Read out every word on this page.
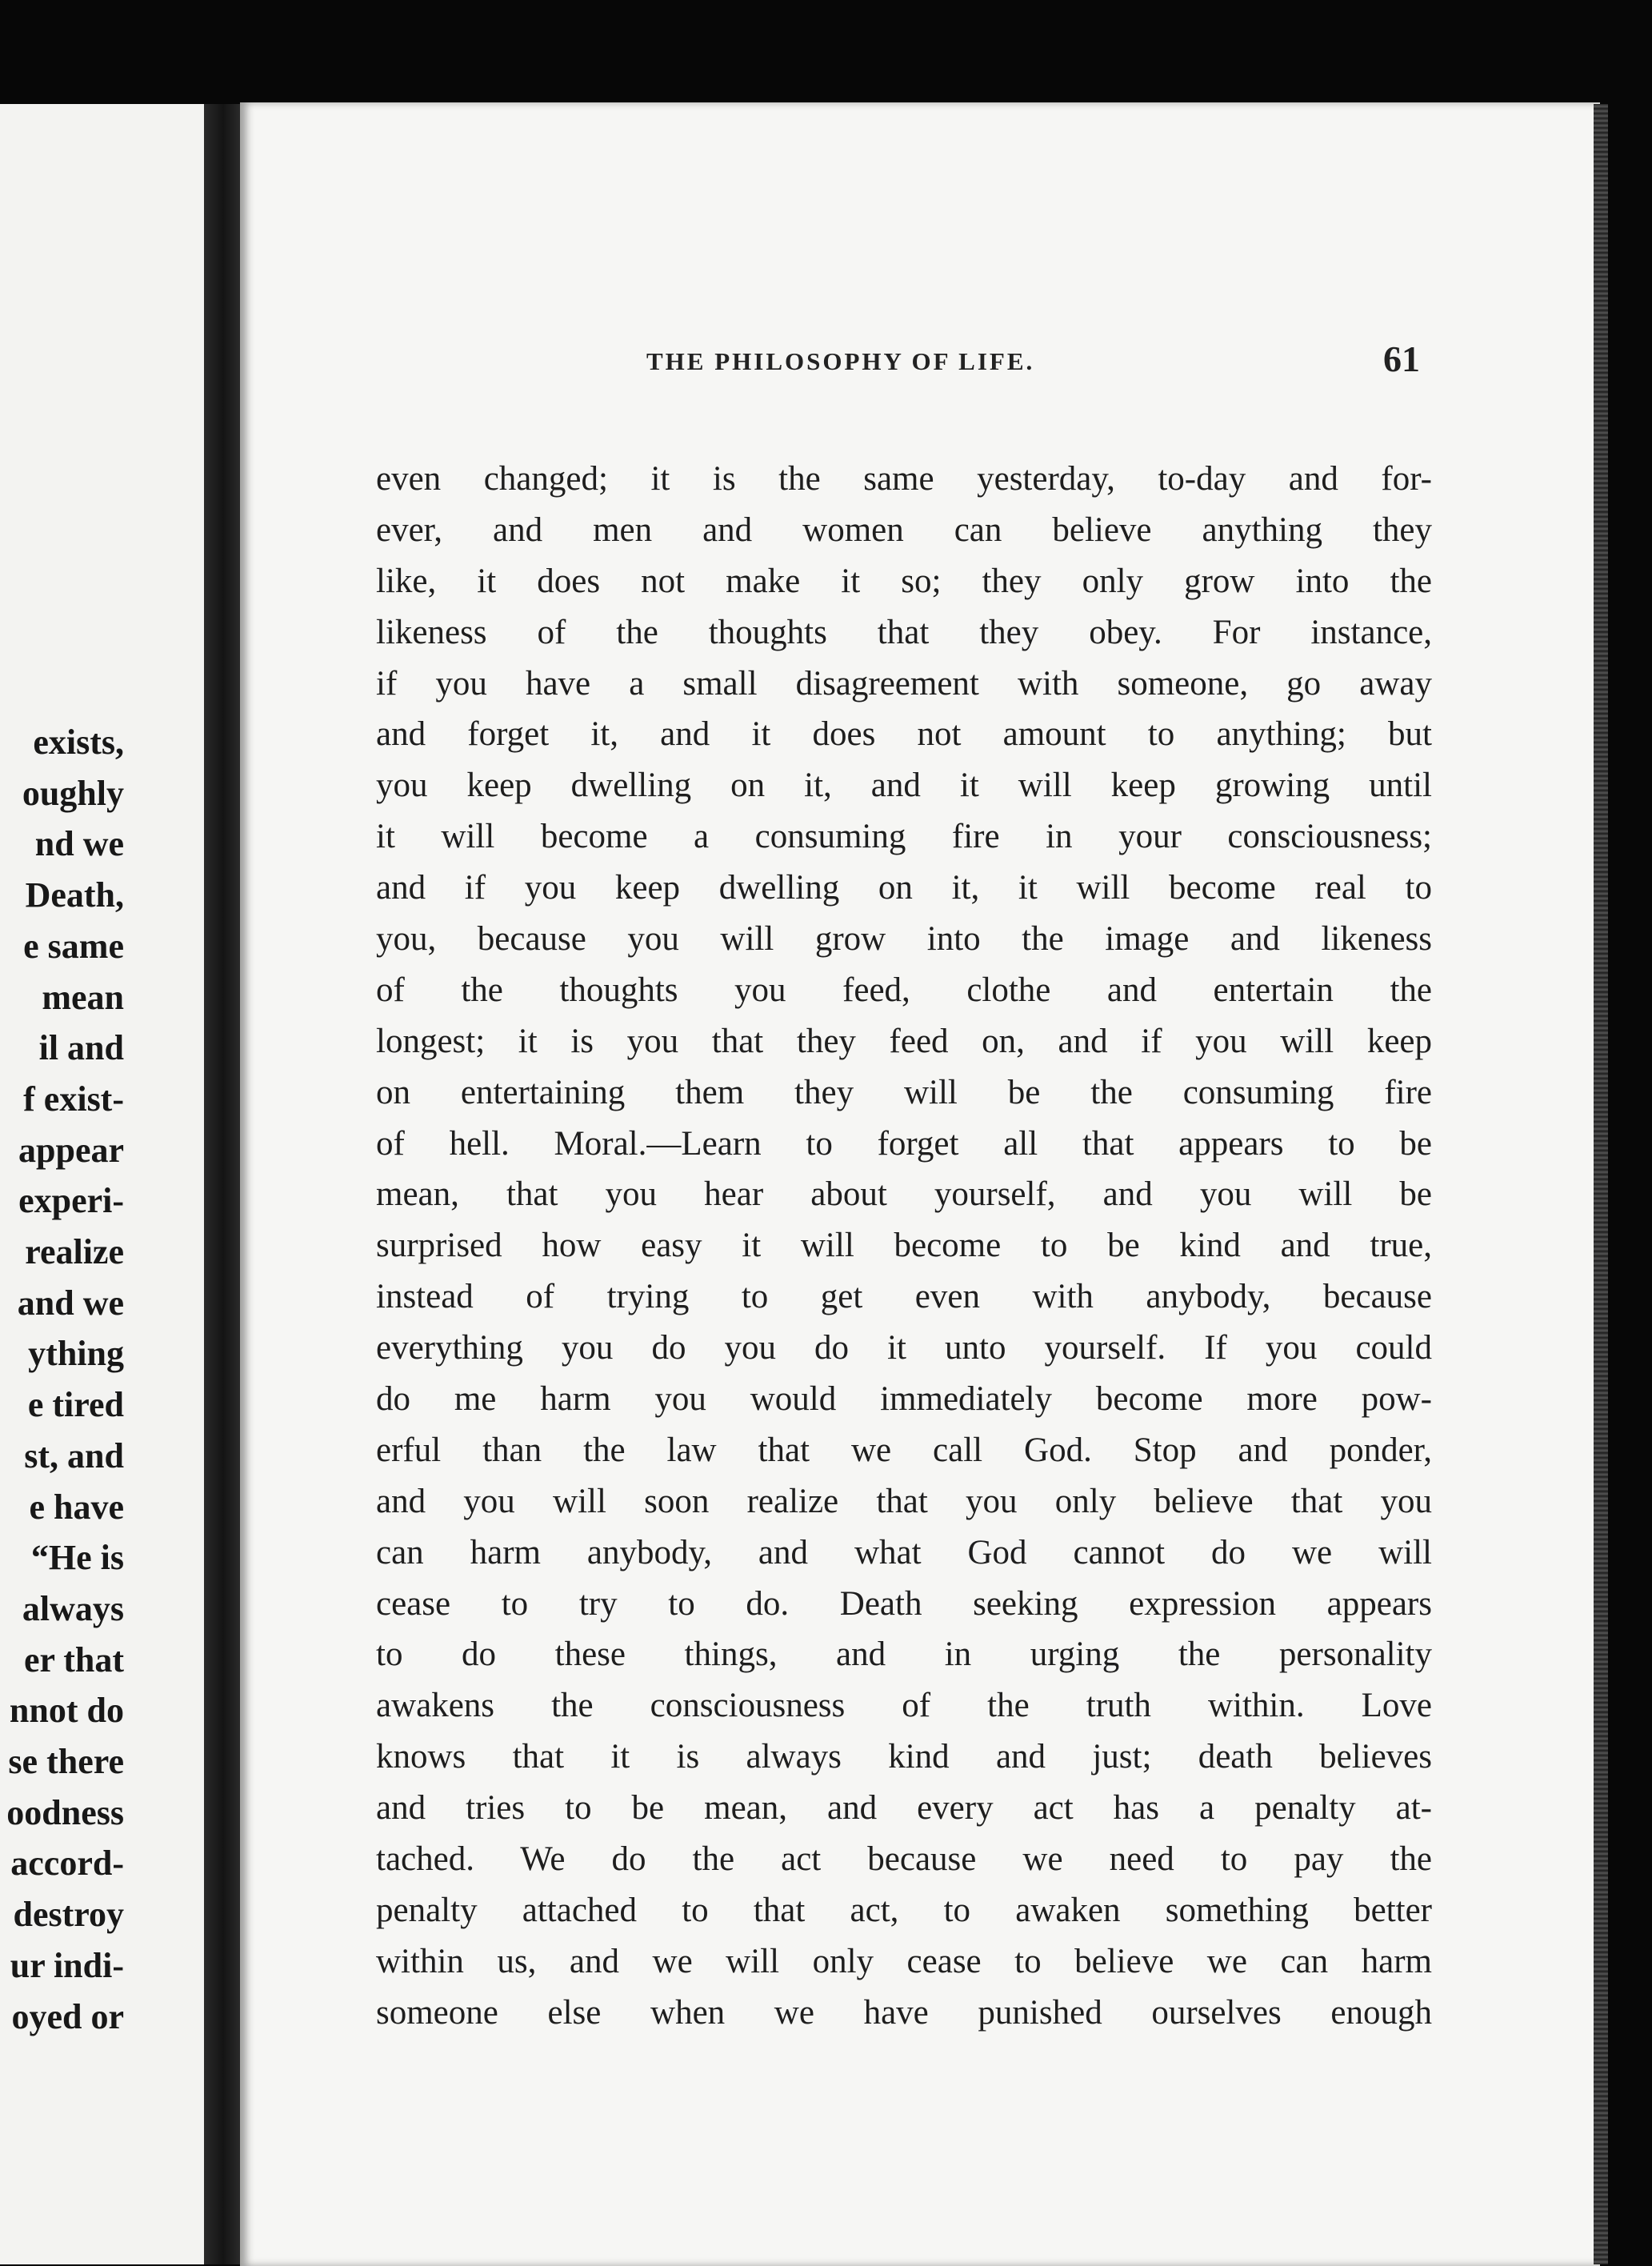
exists,
oughly
nd we
Death,
e same
mean
il and
f exist-
appear
experi-
realize
and we
ything
e tired
st, and
e have
“He is
always
er that
nnot do
se there
oodness
accord-
destroy
ur indi-
oyed or
THE PHILOSOPHY OF LIFE.	61
even changed; it is the same yesterday, to-day and for-
ever, and men and women can believe anything they
like, it does not make it so; they only grow into the
likeness of the thoughts that they obey. For instance,
if you have a small disagreement with someone, go away
and forget it, and it does not amount to anything; but
you keep dwelling on it, and it will keep growing until
it will become a consuming fire in your consciousness;
and if you keep dwelling on it, it will become real to
you, because you will grow into the image and likeness
of the thoughts you feed, clothe and entertain the
longest; it is you that they feed on, and if you will keep
on entertaining them they will be the consuming fire
of hell. Moral.—Learn to forget all that appears to be
mean, that you hear about yourself, and you will be
surprised how easy it will become to be kind and true,
instead of trying to get even with anybody, because
everything you do you do it unto yourself. If you could
do me harm you would immediately become more pow-
erful than the law that we call God. Stop and ponder,
and you will soon realize that you only believe that you
can harm anybody, and what God cannot do we will
cease to try to do. Death seeking expression appears
to do these things, and in urging the personality
awakens the consciousness of the truth within. Love
knows that it is always kind and just; death believes
and tries to be mean, and every act has a penalty at-
tached. We do the act because we need to pay the
penalty attached to that act, to awaken something better
within us, and we will only cease to believe we can harm
someone else when we have punished ourselves enough
